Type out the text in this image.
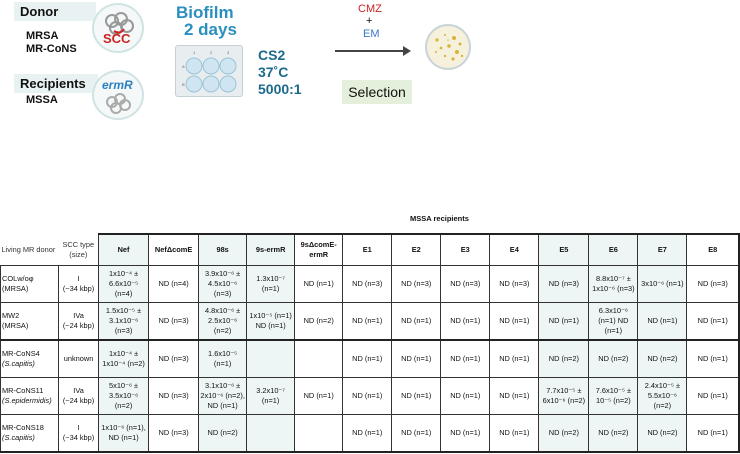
Donor
MRSA
MR-CoNS
SCC
Recipients
MSSA
ermR
Biofilm
2 days
1	2	3
A
B
CS2
37˚C
5000:1
CMZ
+
EM
Selection
MSSA recipients
Living MR donor	SCC type (size)	Nef	NefΔcomE	98s	9s-ermR	9sΔcomE-ermR	E1	E2	E3	E4	E5	E6	E7	E8

COLw/oφ
(MRSA)

I
(~34 kbp)
	1x10⁻⁴ ± 6.6x10⁻⁵ (n=4)	ND (n=4)	3.9x10⁻⁶ ± 4.5x10⁻⁶ (n=3)	1.3x10⁻⁷ (n=1)	ND (n=1)	ND (n=3)	ND (n=3)	ND (n=3)	ND (n=3)	ND (n=3)	8.8x10⁻⁷ ± 1x10⁻⁶ (n=3)	3x10⁻⁶ (n=1)	ND (n=3)

MW2
(MRSA)

IVa
(~24 kbp)
	1.5x10⁻⁵ ± 3.1x10⁻⁶ (n=3)	ND (n=3)	4.8x10⁻⁶ ± 2.5x10⁻⁶ (n=2)	1x10⁻⁵ (n=1) ND (n=1)	ND (n=2)	ND (n=1)	ND (n=1)	ND (n=1)	ND (n=1)	ND (n=1)	6.3x10⁻⁶ (n=1) ND (n=1)	ND (n=1)	ND (n=1)

MR-CoNS4
(S.capitis)	unknown	1x10⁻⁴ ± 1x10⁻⁴ (n=2)	ND (n=3)	1.6x10⁻⁵ (n=1)			ND (n=1)	ND (n=1)	ND (n=1)	ND (n=1)	ND (n=2)	ND (n=2)	ND (n=2)	ND (n=1)

MR-CoNS11
(S.epidermidis)

IVa
(~24 kbp)
	5x10⁻⁶ ± 3.5x10⁻⁶ (n=2)	ND (n=3)	3.1x10⁻⁶ ± 2x10⁻⁶ (n=2), ND (n=1)	3.2x10⁻⁷ (n=1)	ND (n=1)	ND (n=1)	ND (n=1)	ND (n=1)	ND (n=1)	7.7x10⁻⁵ ± 6x10⁻⁶ (n=2)	7.6x10⁻⁵ ± 10⁻⁵ (n=2)	2.4x10⁻⁵ ± 5.5x10⁻⁶ (n=2)	ND (n=1)

MR-CoNS18
(S.capitis)

I
(~34 kbp)
	1x10⁻⁶ (n=1), ND (n=1)	ND (n=3)	ND (n=2)			ND (n=1)	ND (n=1)	ND (n=1)	ND (n=1)	ND (n=2)	ND (n=2)	ND (n=2)	ND (n=1)
